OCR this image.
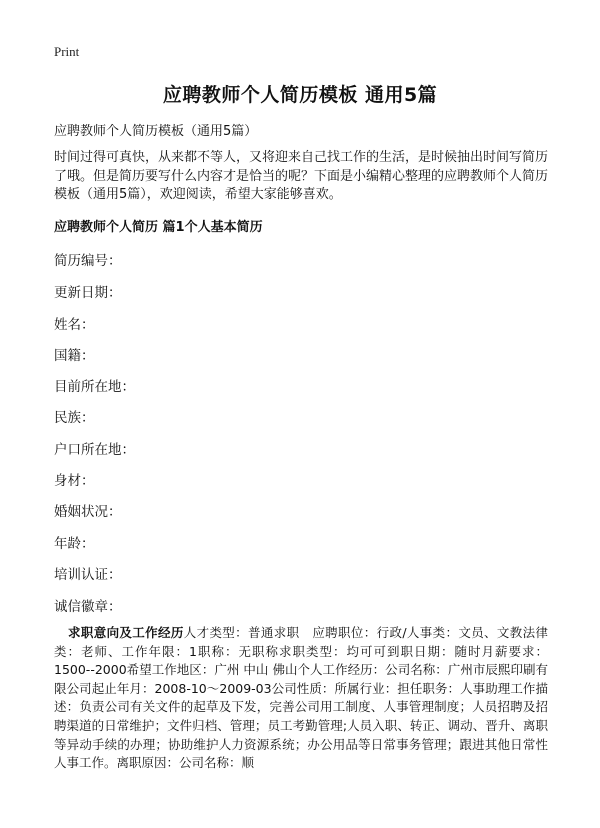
Print
应聘教师个人简历模板 通用5篇
应聘教师个人简历模板（通用5篇）
时间过得可真快，从来都不等人，又将迎来自己找工作的生活，是时候抽出时间写简历了哦。但是简历要写什么内容才是恰当的呢？下面是小编精心整理的应聘教师个人简历模板（通用5篇），欢迎阅读，希望大家能够喜欢。
应聘教师个人简历 篇1个人基本简历
简历编号：
更新日期：
姓名：
国籍：
目前所在地：
民族：
户口所在地：
身材：
婚姻状况：
年龄：
培训认证：
诚信徽章：
求职意向及工作经历人才类型：普通求职　应聘职位：行政/人事类：文员、文教法律类：老师、工作年限：1职称：无职称求职类型：均可可到职日期：随时月薪要求：1500--2000希望工作地区：广州 中山 佛山个人工作经历：公司名称：广州市辰熙印刷有限公司起止年月：2008-10～2009-03公司性质：所属行业：担任职务：人事助理工作描述：负责公司有关文件的起草及下发，完善公司用工制度、人事管理制度；人员招聘及招聘渠道的日常维护；文件归档、管理；员工考勤管理;人员入职、转正、调动、晋升、离职等异动手续的办理；协助维护人力资源系统；办公用品等日常事务管理；跟进其他日常性人事工作。离职原因：公司名称：顺
